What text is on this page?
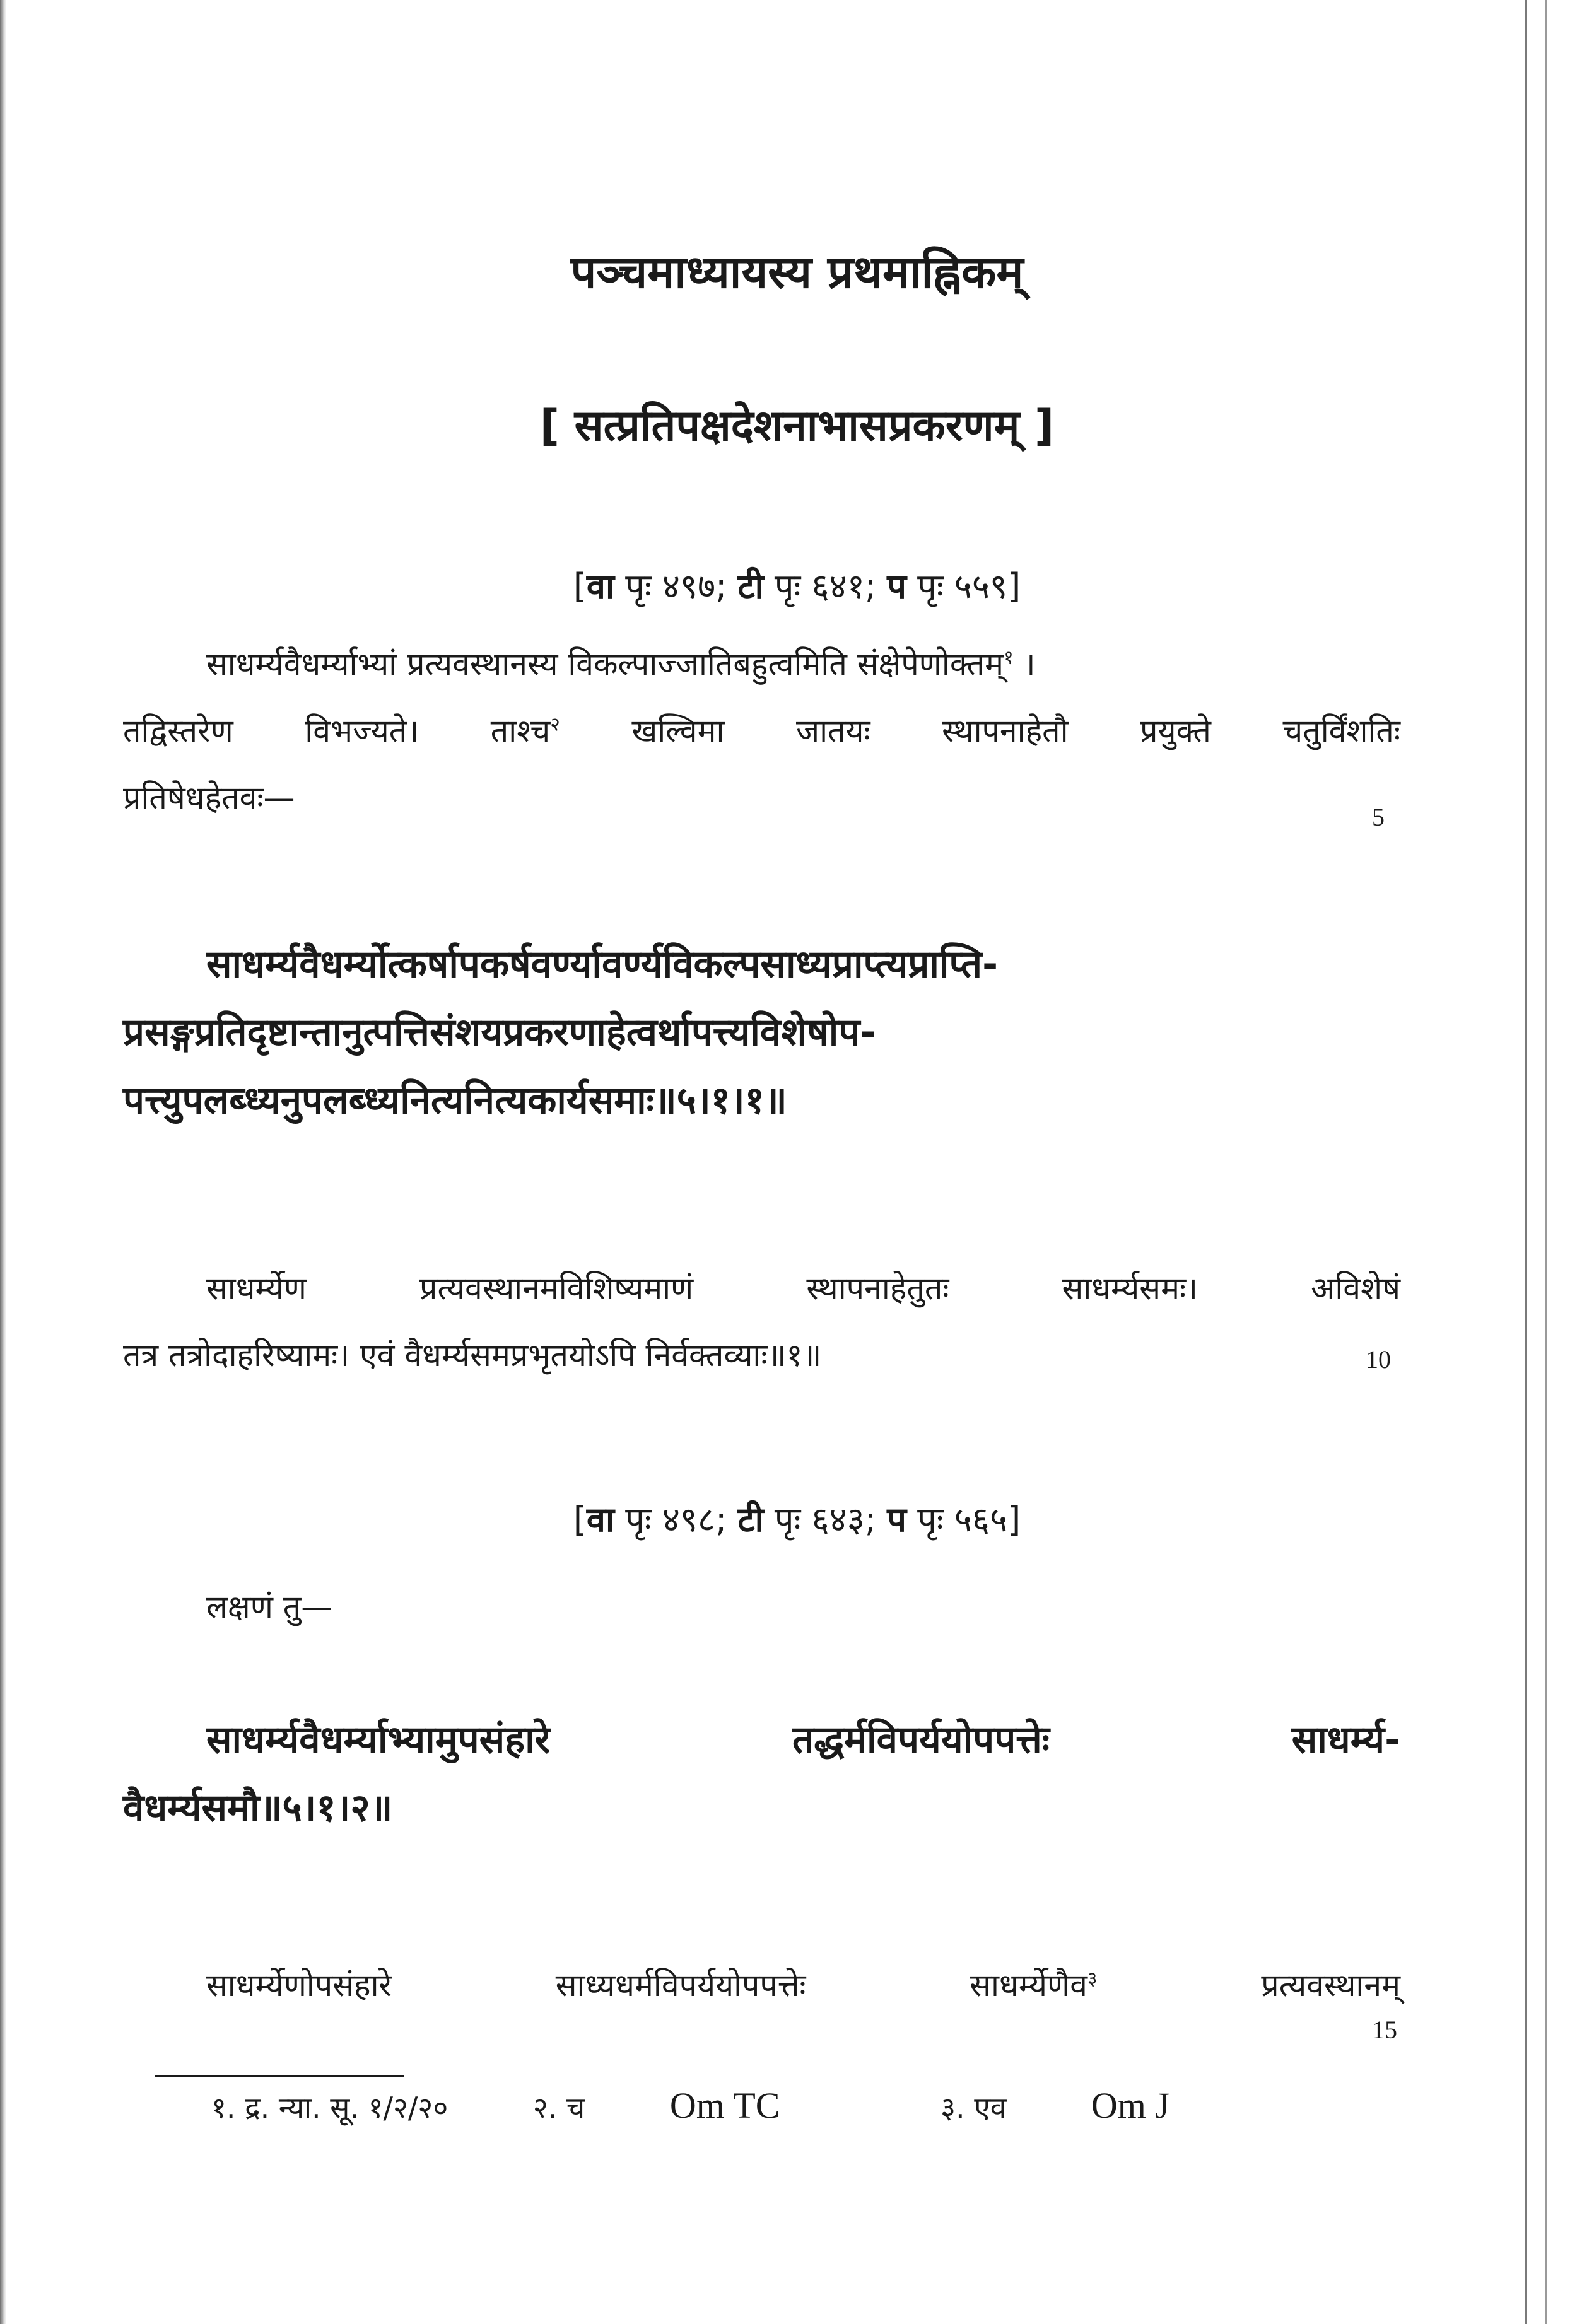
पञ्चमाध्यायस्य प्रथमाह्निकम्
[ सत्प्रतिपक्षदेशनाभासप्रकरणम् ]
[वा पृः ४९७; टी पृः ६४१; प पृः ५५९]
साधर्म्यवैधर्म्याभ्यां प्रत्यवस्थानस्य विकल्पाज्जातिबहुत्वमिति संक्षेपेणोक्तम्$^१$ ।
तद्विस्तरेण विभज्यते। ताश्च$^२$ खल्विमा जातयः स्थापनाहेतौ प्रयुक्ते चतुर्विंशतिः
प्रतिषेधहेतवः—
5
साधर्म्यवैधर्म्योत्कर्षापकर्षवर्ण्यावर्ण्यविकल्पसाध्यप्राप्त्यप्राप्ति-
प्रसङ्गप्रतिदृष्टान्तानुत्पत्तिसंशयप्रकरणाहेत्वर्थापत्त्यविशेषोप-
पत्त्युपलब्ध्यनुपलब्ध्यनित्यनित्यकार्यसमाः॥५।१।१॥
साधर्म्येण प्रत्यवस्थानमविशिष्यमाणं स्थापनाहेतुतः साधर्म्यसमः। अविशेषं
तत्र तत्रोदाहरिष्यामः। एवं वैधर्म्यसमप्रभृतयोऽपि निर्वक्तव्याः॥१॥	10
[वा पृः ४९८; टी पृः ६४३; प पृः ५६५]
लक्षणं तु—
साधर्म्यवैधर्म्याभ्यामुपसंहारे तद्धर्मविपर्ययोपपत्तेः साधर्म्य-
वैधर्म्यसमौ॥५।१।२॥
साधर्म्येणोपसंहारे साध्यधर्मविपर्ययोपपत्तेः साधर्म्येणैव$^३$	प्रत्यवस्थानम्
15
१. द्र. न्या. सू. १/२/२०	२. च Om TC	३. एव Om J
